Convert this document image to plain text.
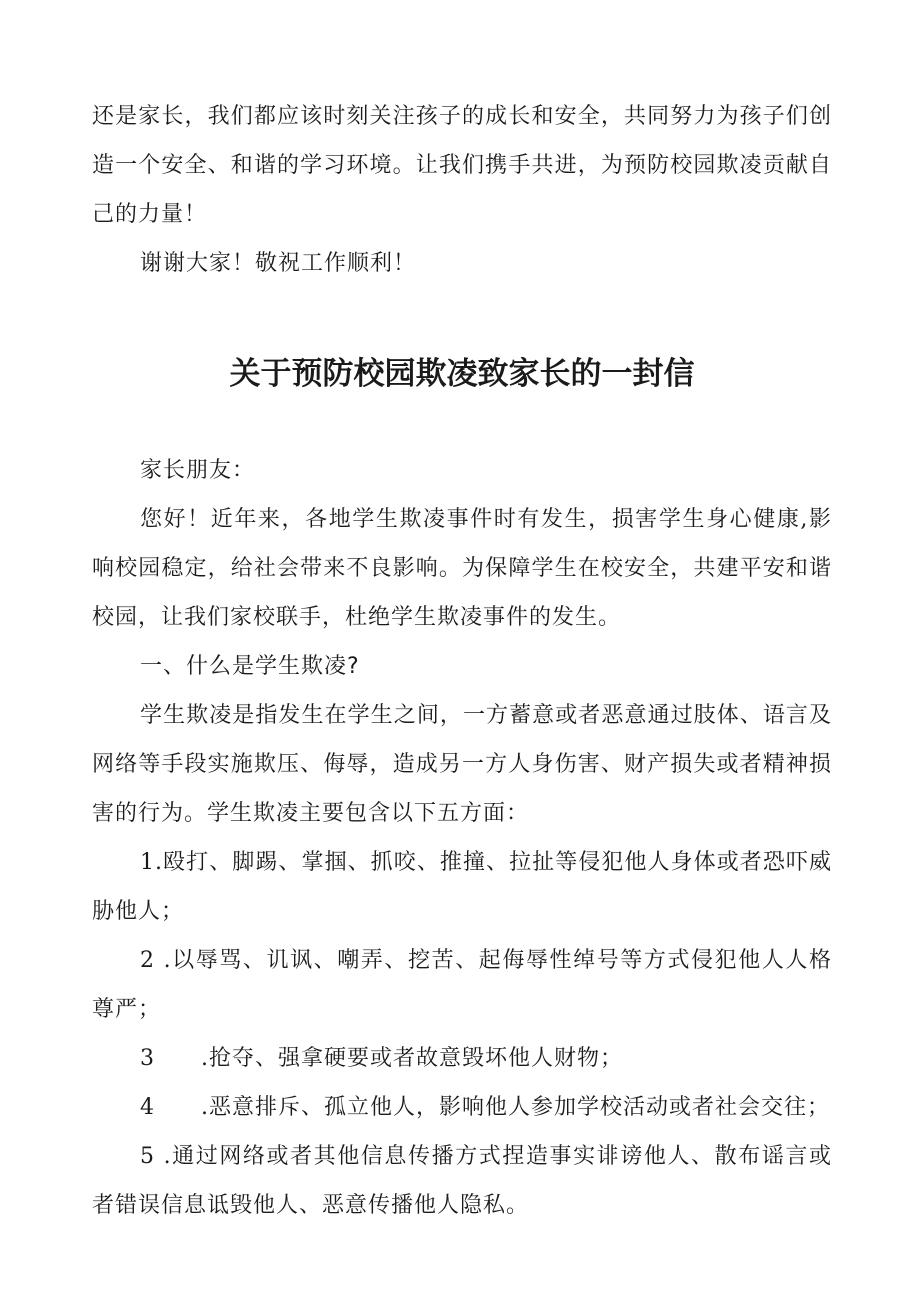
还是家长，我们都应该时刻关注孩子的成长和安全，共同努力为孩子们创造一个安全、和谐的学习环境。让我们携手共进，为预防校园欺凌贡献自己的力量！

谢谢大家！敬祝工作顺利！

关于预防校园欺凌致家长的一封信

家长朋友：

您好！近年来，各地学生欺凌事件时有发生，损害学生身心健康,影响校园稳定，给社会带来不良影响。为保障学生在校安全，共建平安和谐校园，让我们家校联手，杜绝学生欺凌事件的发生。

一、什么是学生欺凌?

学生欺凌是指发生在学生之间，一方蓄意或者恶意通过肢体、语言及网络等手段实施欺压、侮辱，造成另一方人身伤害、财产损失或者精神损害的行为。学生欺凌主要包含以下五方面：

1.殴打、脚踢、掌掴、抓咬、推撞、拉扯等侵犯他人身体或者恐吓威胁他人；

2 .以辱骂、讥讽、嘲弄、挖苦、起侮辱性绰号等方式侵犯他人人格尊严；

3  .抢夺、强拿硬要或者故意毁坏他人财物；

4  .恶意排斥、孤立他人，影响他人参加学校活动或者社会交往；

5 .通过网络或者其他信息传播方式捏造事实诽谤他人、散布谣言或者错误信息诋毁他人、恶意传播他人隐私。
